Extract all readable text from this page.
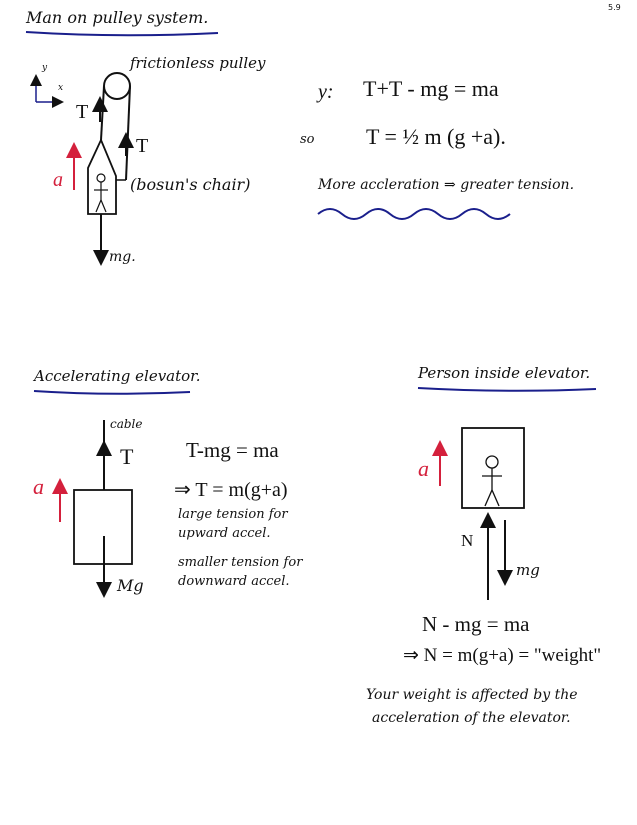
5.9
Man on pulley system.
y
x
frictionless pulley
T
T
a	(bosun's chair)
mg.
y: T+T - mg = ma
so T = ½ m (g +a).
More accleration ⇒ greater tension.
Accelerating elevator.
cable
T
a
Mg
T-mg = ma
⇒ T = m(g+a)
large tension for
upward accel.
smaller tension for
downward accel.
Person inside elevator.
a
N
mg
N - mg = ma
⇒ N = m(g+a) = "weight"
Your weight is affected by the
acceleration of the elevator.
